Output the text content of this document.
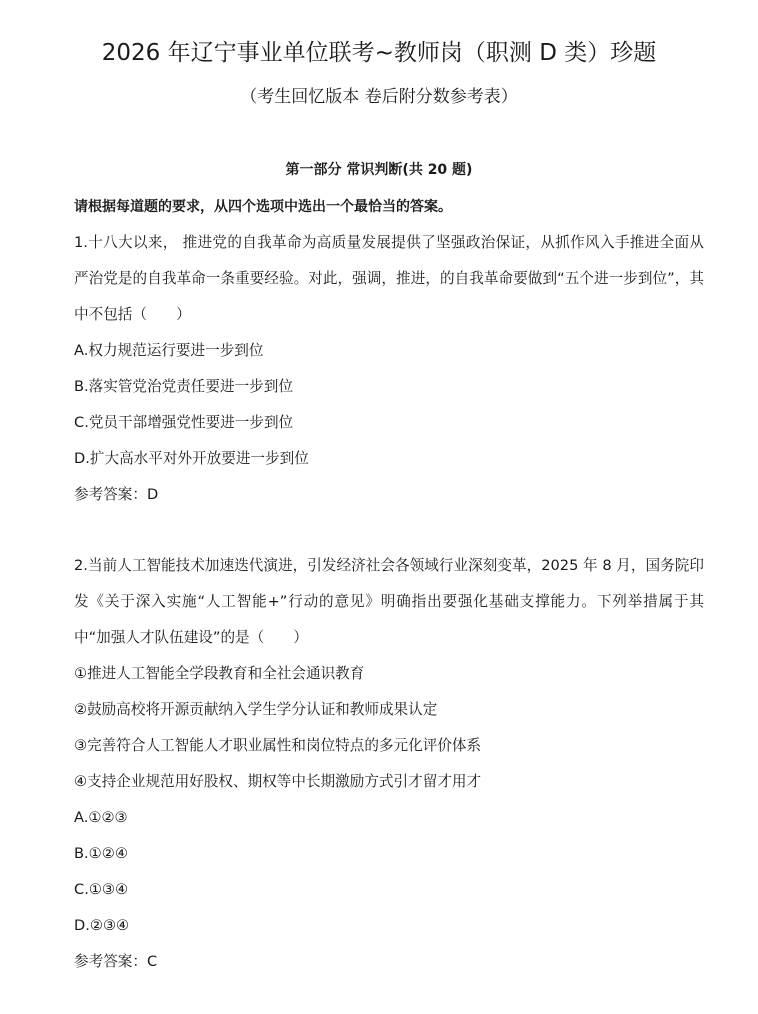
2026 年辽宁事业单位联考~教师岗（职测 D 类）珍题
（考生回忆版本 卷后附分数参考表）
第一部分 常识判断(共 20 题)
请根据每道题的要求，从四个选项中选出一个最恰当的答案。

1.十八大以来， 推进党的自我革命为高质量发展提供了坚强政治保证，从抓作风入手推进全面从严治党是的自我革命一条重要经验。对此，强调，推进，的自我革命要做到“五个进一步到位”，其中不包括（　　）

A.权力规范运行要进一步到位
B.落实管党治党责任要进一步到位
C.党员干部增强党性要进一步到位
D.扩大高水平对外开放要进一步到位
参考答案：D

2.当前人工智能技术加速迭代演进，引发经济社会各领域行业深刻变革，2025 年 8 月，国务院印发《关于深入实施“人工智能+”行动的意见》明确指出要强化基础支撑能力。下列举措属于其中“加强人才队伍建设”的是（　　）

①推进人工智能全学段教育和全社会通识教育
②鼓励高校将开源贡献纳入学生学分认证和教师成果认定
③完善符合人工智能人才职业属性和岗位特点的多元化评价体系
④支持企业规范用好股权、期权等中长期激励方式引才留才用才
A.①②③
B.①②④
C.①③④
D.②③④
参考答案：C
